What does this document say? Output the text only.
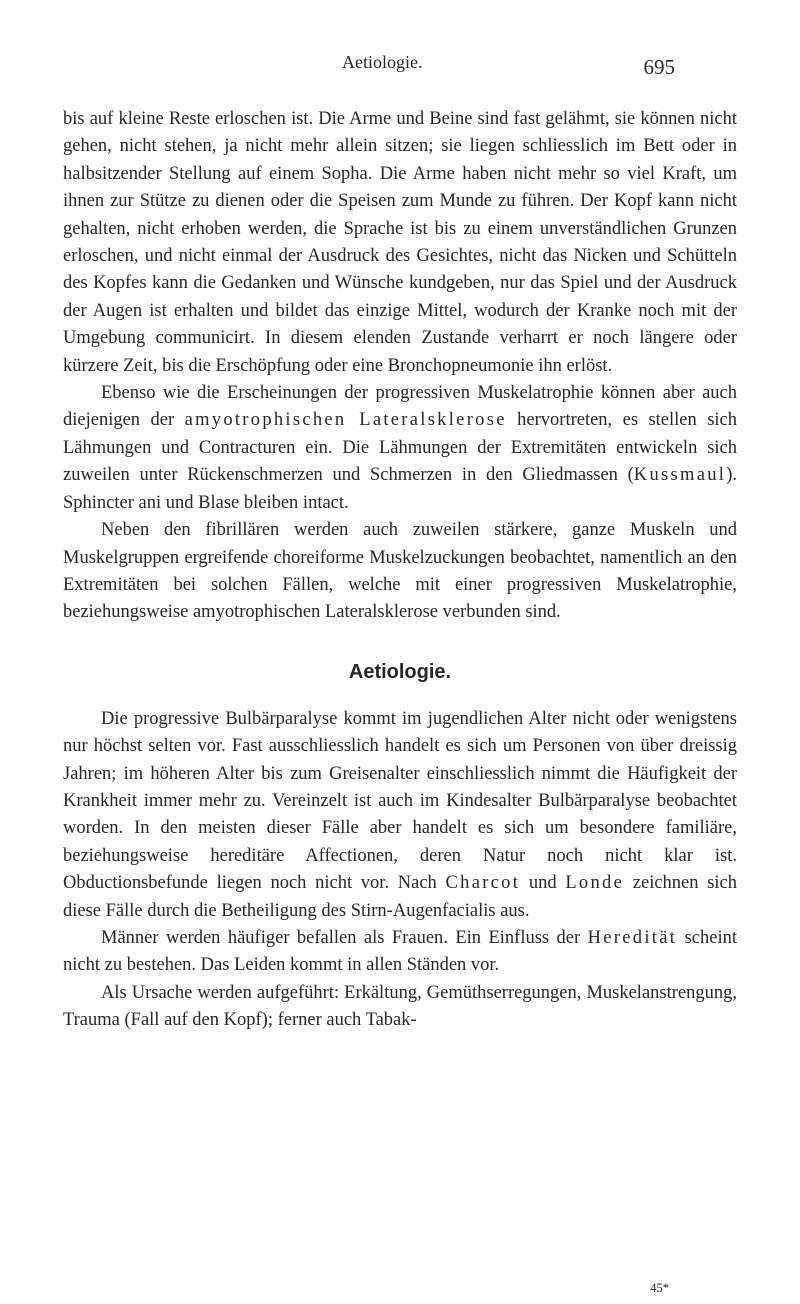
Aetiologie.	695

bis auf kleine Reste erloschen ist. Die Arme und Beine sind fast gelähmt, sie können nicht gehen, nicht stehen, ja nicht mehr allein sitzen; sie liegen schliesslich im Bett oder in halbsitzender Stellung auf einem Sopha. Die Arme haben nicht mehr so viel Kraft, um ihnen zur Stütze zu dienen oder die Speisen zum Munde zu führen. Der Kopf kann nicht gehalten, nicht erhoben werden, die Sprache ist bis zu einem unverständlichen Grunzen erloschen, und nicht einmal der Ausdruck des Gesichtes, nicht das Nicken und Schütteln des Kopfes kann die Gedanken und Wünsche kundgeben, nur das Spiel und der Ausdruck der Augen ist erhalten und bildet das einzige Mittel, wodurch der Kranke noch mit der Umgebung communicirt. In diesem elenden Zustande verharrt er noch längere oder kürzere Zeit, bis die Erschöpfung oder eine Bronchopneumonie ihn erlöst.

Ebenso wie die Erscheinungen der progressiven Muskelatrophie können aber auch diejenigen der amyotrophischen Lateralsklerose hervortreten, es stellen sich Lähmungen und Contracturen ein. Die Lähmungen der Extremitäten entwickeln sich zuweilen unter Rückenschmerzen und Schmerzen in den Gliedmassen (Kussmaul). Sphincter ani und Blase bleiben intact.

Neben den fibrillären werden auch zuweilen stärkere, ganze Muskeln und Muskelgruppen ergreifende choreiforme Muskelzuckungen beobachtet, namentlich an den Extremitäten bei solchen Fällen, welche mit einer progressiven Muskelatrophie, beziehungsweise amyotrophischen Lateralsklerose verbunden sind.

Aetiologie.

Die progressive Bulbärparalyse kommt im jugendlichen Alter nicht oder wenigstens nur höchst selten vor. Fast ausschliesslich handelt es sich um Personen von über dreissig Jahren; im höheren Alter bis zum Greisenalter einschliesslich nimmt die Häufigkeit der Krankheit immer mehr zu. Vereinzelt ist auch im Kindesalter Bulbärparalyse beobachtet worden. In den meisten dieser Fälle aber handelt es sich um besondere familiäre, beziehungsweise hereditäre Affectionen, deren Natur noch nicht klar ist. Obductionsbefunde liegen noch nicht vor. Nach Charcot und Londe zeichnen sich diese Fälle durch die Betheiligung des Stirn-Augenfacialis aus.

Männer werden häufiger befallen als Frauen. Ein Einfluss der Heredität scheint nicht zu bestehen. Das Leiden kommt in allen Ständen vor.

Als Ursache werden aufgeführt: Erkältung, Gemüthserregungen, Muskelanstrengung, Trauma (Fall auf den Kopf); ferner auch Tabak-

45*
